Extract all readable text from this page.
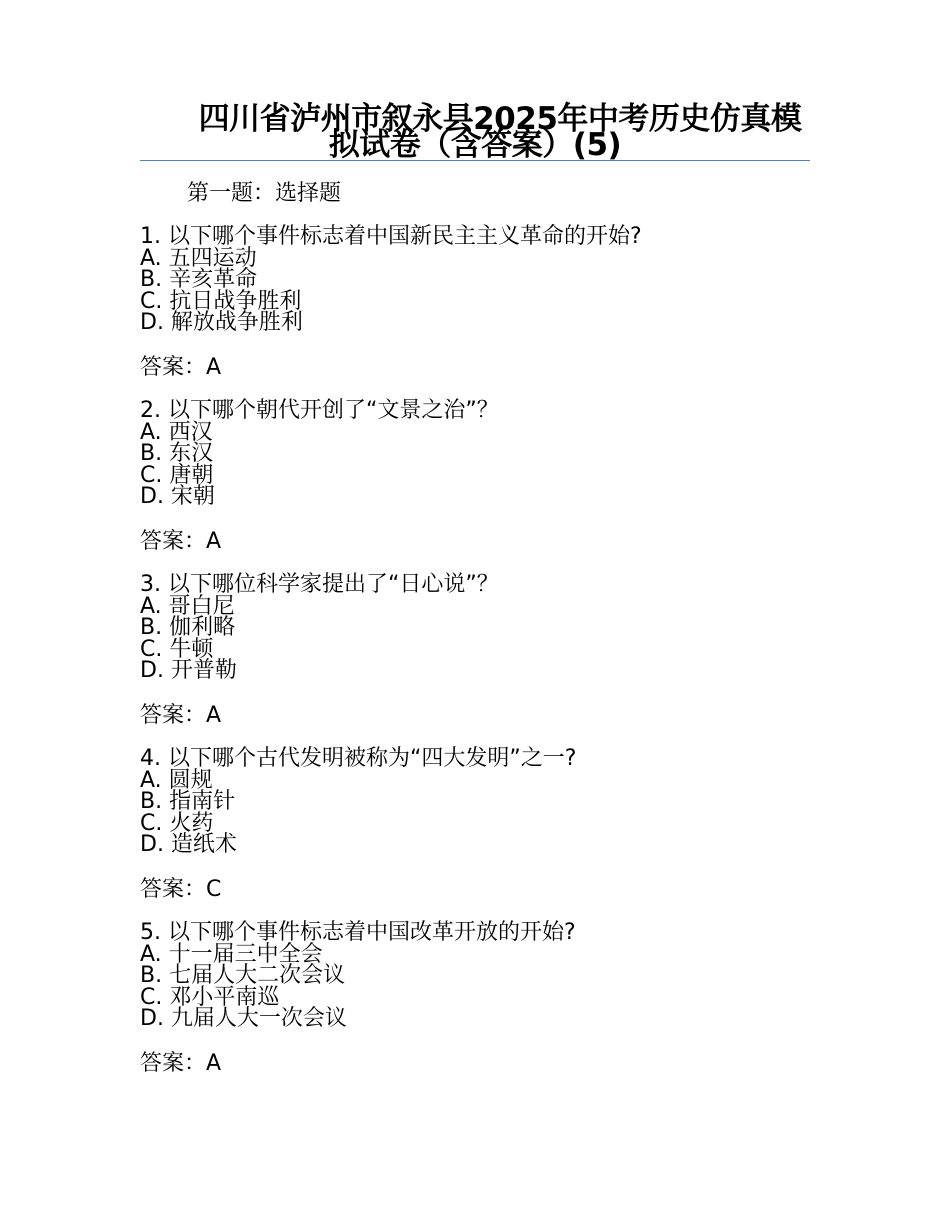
四川省泸州市叙永县2025年中考历史仿真模拟试卷（含答案）(5)

第一题：选择题

1. 以下哪个事件标志着中国新民主主义革命的开始?

A. 五四运动

B. 辛亥革命

C. 抗日战争胜利

D. 解放战争胜利

答案：A

2. 以下哪个朝代开创了“文景之治”？

A. 西汉

B. 东汉

C. 唐朝

D. 宋朝

答案：A

3. 以下哪位科学家提出了“日心说”？

A. 哥白尼

B. 伽利略

C. 牛顿

D. 开普勒

答案：A

4. 以下哪个古代发明被称为“四大发明”之一?

A. 圆规

B. 指南针

C. 火药

D. 造纸术

答案：C

5. 以下哪个事件标志着中国改革开放的开始?

A. 十一届三中全会

B. 七届人大二次会议

C. 邓小平南巡

D. 九届人大一次会议

答案：A
